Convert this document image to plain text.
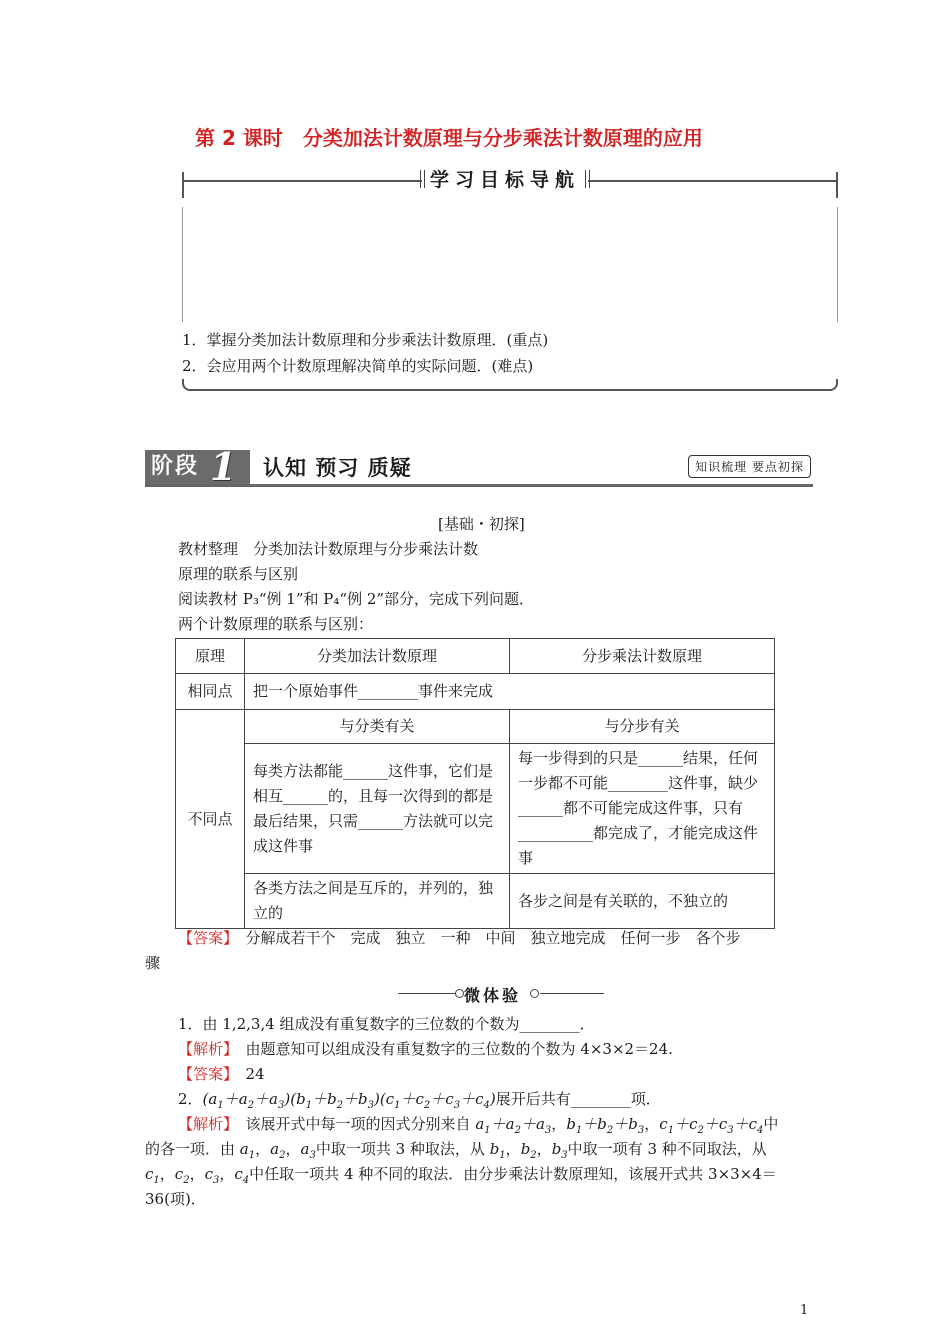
第 2 课时　分类加法计数原理与分步乘法计数原理的应用
学习目标导航
1．掌握分类加法计数原理和分步乘法计数原理．(重点)
2．会应用两个计数原理解决简单的实际问题．(难点)
阶段 1 认知 预习 质疑	知识梳理 要点初探
[基础・初探]
教材整理　分类加法计数原理与分步乘法计数
原理的联系与区别
阅读教材 P₃“例 1”和 P₄“例 2”部分，完成下列问题．
两个计数原理的联系与区别：
原理	分类加法计数原理	分步乘法计数原理
相同点	把一个原始事件________事件来完成	
不同点	与分类有关	与分步有关
	每类方法都能______这件事，它们是相互______的，且每一次得到的都是最后结果，只需______方法就可以完成这件事	每一步得到的只是______结果，任何一步都不可能________这件事，缺少______都不可能完成这件事，只有__________都完成了，才能完成这件事
	各类方法之间是互斥的，并列的，独立的	各步之间是有关联的，不独立的
【答案】　分解成若干个　完成　独立　一种　中间　独立地完成　任何一步　各个步
骤
微体验
1．由 1,2,3,4 组成没有重复数字的三位数的个数为________．
【解析】　由题意知可以组成没有重复数字的三位数的个数为 4×3×2＝24.
【答案】　24
2．$(a_1+a_2+a_3)(b_1+b_2+b_3)(c_1+c_2+c_3+c_4)$展开后共有________项．
【解析】　该展开式中每一项的因式分别来自 $a_1+a_2+a_3$，$b_1+b_2+b_3$，$c_1+c_2+c_3+c_4$中
的各一项．由 $a_1$，$a_2$，$a_3$中取一项共 3 种取法，从 $b_1$，$b_2$，$b_3$中取一项有 3 种不同取法，从
$c_1$，$c_2$，$c_3$，$c_4$中任取一项共 4 种不同的取法．由分步乘法计数原理知，该展开式共 3×3×4＝
36(项)．
1
